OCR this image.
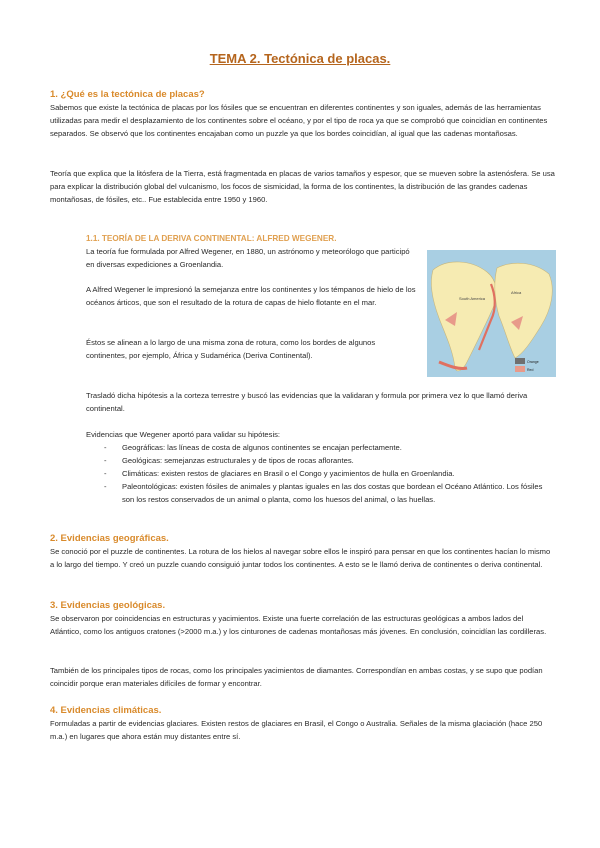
TEMA 2. Tectónica de placas.
1. ¿Qué es la tectónica de placas?

Sabemos que existe la tectónica de placas por los fósiles que se encuentran en diferentes continentes y son iguales, además de las herramientas utilizadas para medir el desplazamiento de los continentes sobre el océano, y por el tipo de roca ya que se comprobó que coincidían en continentes separados. Se observó que los continentes encajaban como un puzzle ya que los bordes coincidían, al igual que las cadenas montañosas.

Teoría que explica que la litósfera de la Tierra, está fragmentada en placas de varios tamaños y espesor, que se mueven sobre la astenósfera. Se usa para explicar la distribución global del vulcanismo, los focos de sismicidad, la forma de los continentes, la distribución de las grandes cadenas montañosas, de fósiles, etc.. Fue establecida entre 1950 y 1960.

1.1. TEORÍA DE LA DERIVA CONTINENTAL: ALFRED WEGENER.

La teoría fue formulada por Alfred Wegener, en 1880, un astrónomo y meteorólogo que participó en diversas expediciones a Groenlandia.

A Alfred Wegener le impresionó la semejanza entre los continentes y los témpanos de hielo de los océanos árticos, que son el resultado de la rotura de capas de hielo flotante en el mar.

Éstos se alinean a lo largo de una misma zona de rotura, como los bordes de algunos continentes, por ejemplo, África y Sudamérica (Deriva Continental).

South America
Africa
Orange
Red

Trasladó dicha hipótesis a la corteza terrestre y buscó las evidencias que la validaran y formula por primera vez lo que llamó deriva continental.

Evidencias que Wegener aportó para validar su hipótesis:

- Geográficas: las líneas de costa de algunos continentes se encajan perfectamente.
- Geológicas: semejanzas estructurales y de tipos de rocas aflorantes.
- Climáticas: existen restos de glaciares en Brasil o el Congo y yacimientos de hulla en Groenlandia.
- Paleontológicas: existen fósiles de animales y plantas iguales en las dos costas que bordean el Océano Atlántico. Los fósiles son los restos conservados de un animal o planta, como los huesos del animal, o las huellas.
2. Evidencias geográficas.

Se conoció por el puzzle de continentes. La rotura de los hielos al navegar sobre ellos le inspiró para pensar en que los continentes hacían lo mismo a lo largo del tiempo. Y creó un puzzle cuando consiguió juntar todos los continentes. A esto se le llamó deriva de continentes o deriva continental.

3. Evidencias geológicas.

Se observaron por coincidencias en estructuras y yacimientos. Existe una fuerte correlación de las estructuras geológicas a ambos lados del Atlántico, como los antiguos cratones (>2000 m.a.) y los cinturones de cadenas montañosas más jóvenes. En conclusión, coincidían las cordilleras.

También de los principales tipos de rocas, como los principales yacimientos de diamantes. Correspondían en ambas costas, y se supo que podían coincidir porque eran materiales difíciles de formar y encontrar.

4. Evidencias climáticas.

Formuladas a partir de evidencias glaciares. Existen restos de glaciares en Brasil, el Congo o Australia. Señales de la misma glaciación (hace 250 m.a.) en lugares que ahora están muy distantes entre sí.
